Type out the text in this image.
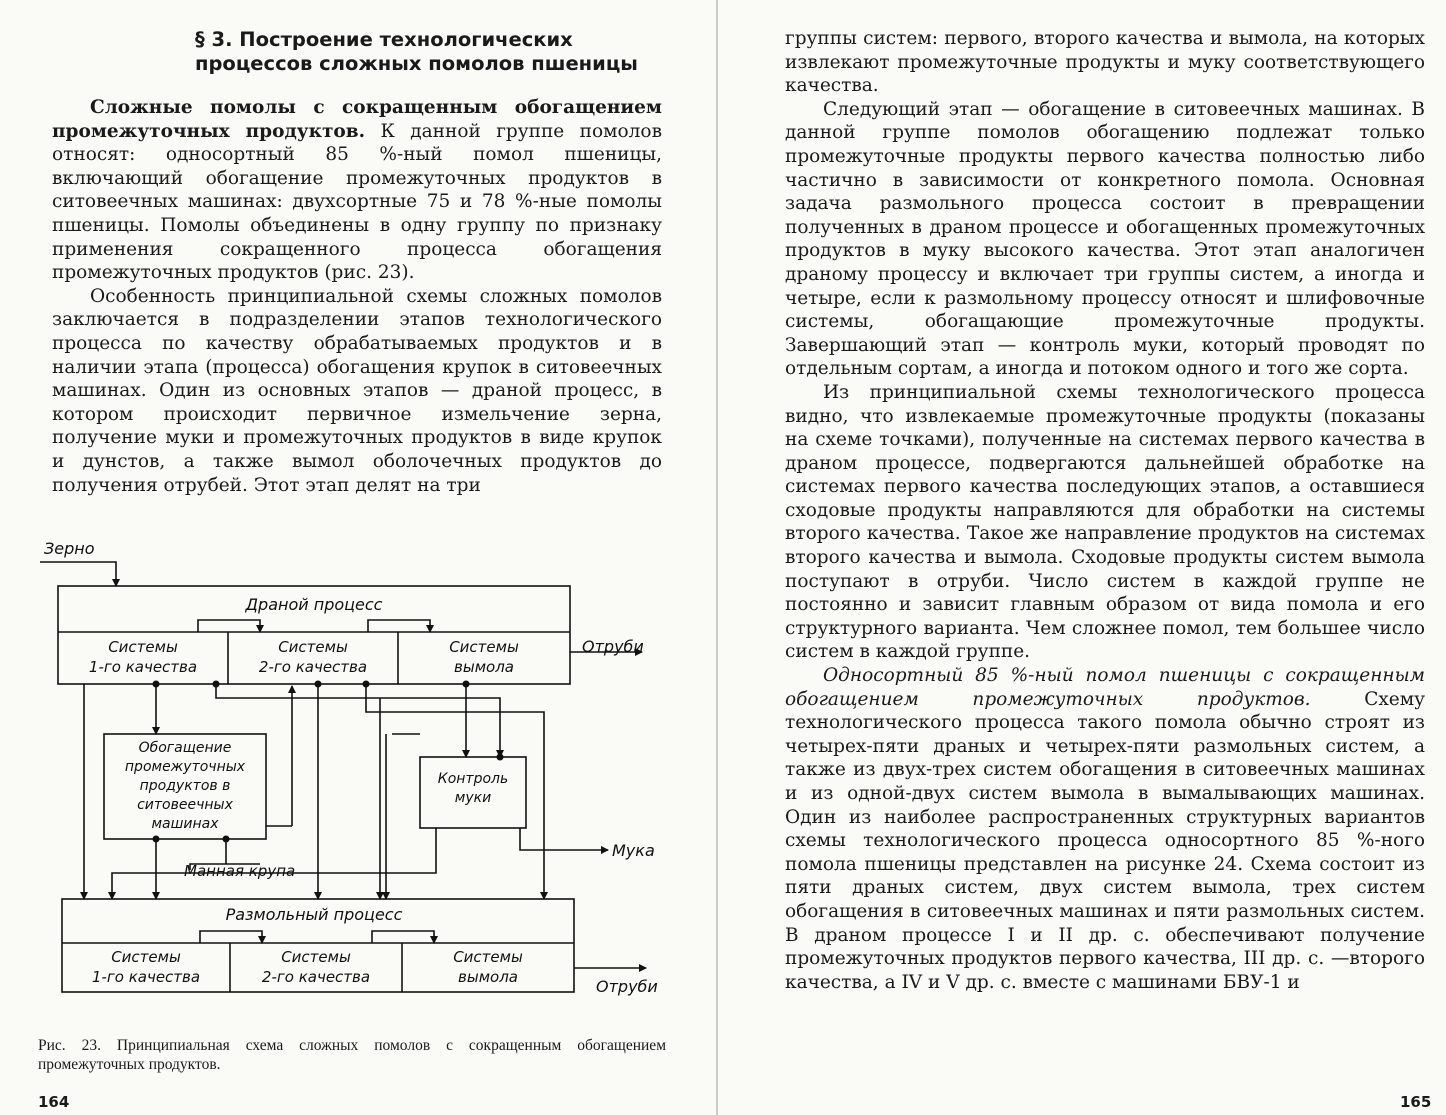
§ 3. Построение технологических
процессов сложных помолов пшеницы

Сложные помолы с сокращенным обогащением промежуточных продуктов. К данной группе помолов относят: односортный 85 %-ный помол пшеницы, включающий обогащение промежуточных продуктов в ситовеечных машинах: двухсортные 75 и 78 %-ные помолы пшеницы. Помолы объединены в одну группу по признаку применения сокращенного процесса обогащения промежуточных продуктов (рис. 23).

Особенность принципиальной схемы сложных помолов заключается в подразделении этапов технологического процесса по качеству обрабатываемых продуктов и в наличии этапа (процесса) обогащения крупок в ситовеечных машинах. Один из основных этапов — драной процесс, в котором происходит первичное измельчение зерна, получение муки и промежуточных продуктов в виде крупок и дунстов, а также вымол оболочечных продуктов до получения отрубей. Этот этап делят на три

Зерно
Драной процесс
Системы
1-го качества
Системы
2-го качества
Системы
вымола
Отруби
Обогащение
промежуточных
продуктов в
ситовеечных
машинах
Контроль
муки
Мука
Манная крупа
Размольный процесс
Системы
1-го качества
Системы
2-го качества
Системы
вымола	Отруби
Рис. 23. Принципиальная схема сложных помолов с сокращенным обогащением промежуточных продуктов.
164

группы систем: первого, второго качества и вымола, на которых извлекают промежуточные продукты и муку соответствующего качества.

Следующий этап — обогащение в ситовеечных машинах. В данной группе помолов обогащению подлежат только промежуточные продукты первого качества полностью либо частично в зависимости от конкретного помола. Основная задача размольного процесса состоит в превращении полученных в драном процессе и обогащенных промежуточных продуктов в муку высокого качества. Этот этап аналогичен драному процессу и включает три группы систем, а иногда и четыре, если к размольному процессу относят и шлифовочные системы, обогащающие промежуточные продукты. Завершающий этап — контроль муки, который проводят по отдельным сортам, а иногда и потоком одного и того же сорта.

Из принципиальной схемы технологического процесса видно, что извлекаемые промежуточные продукты (показаны на схеме точками), полученные на системах первого качества в драном процессе, подвергаются дальнейшей обработке на системах первого качества последующих этапов, а оставшиеся сходовые продукты направляются для обработки на системы второго качества. Такое же направление продуктов на системах второго качества и вымола. Сходовые продукты систем вымола поступают в отруби. Число систем в каждой группе не постоянно и зависит главным образом от вида помола и его структурного варианта. Чем сложнее помол, тем большее число систем в каждой группе.

Односортный 85 %-ный помол пшеницы с сокращенным обогащением промежуточных продуктов. Схему технологического процесса такого помола обычно строят из четырех-пяти драных и четырех-пяти размольных систем, а также из двух-трех систем обогащения в ситовеечных машинах и из одной-двух систем вымола в вымалывающих машинах. Один из наиболее распространенных структурных вариантов схемы технологического процесса односортного 85 %-ного помола пшеницы представлен на рисунке 24. Схема состоит из пяти драных систем, двух систем вымола, трех систем обогащения в ситовеечных машинах и пяти размольных систем. В драном процессе I и II др. с. обеспечивают получение промежуточных продуктов первого качества, III др. с. —второго качества, а IV и V др. с. вместе с машинами БВУ-1 и

165
